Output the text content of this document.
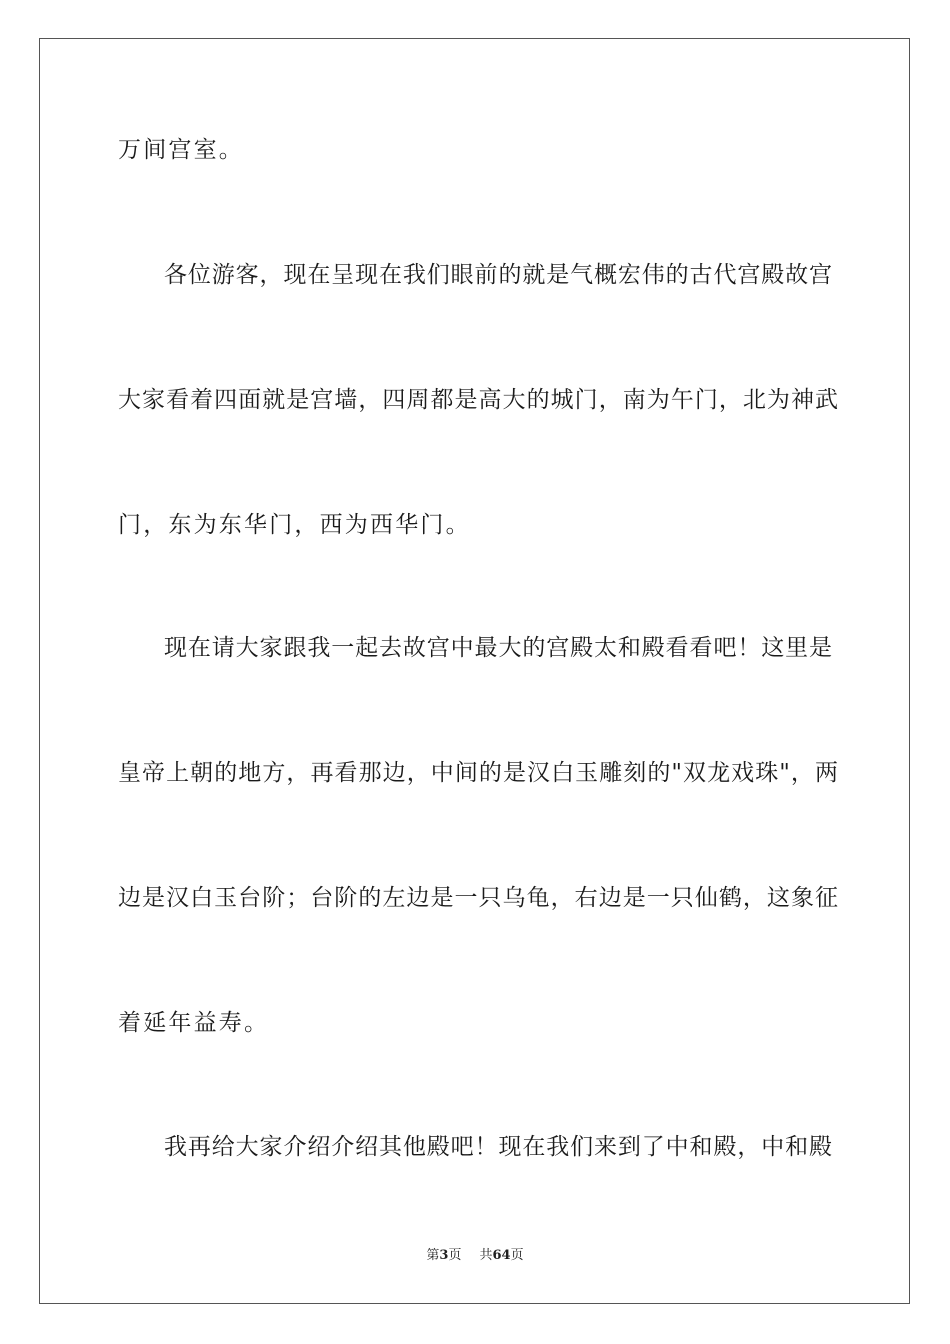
万间宫室。
各位游客，现在呈现在我们眼前的就是气概宏伟的古代宫殿故宫
大家看着四面就是宫墙，四周都是高大的城门，南为午门，北为神武
门，东为东华门，西为西华门。
现在请大家跟我一起去故宫中最大的宫殿太和殿看看吧！这里是
皇帝上朝的地方，再看那边，中间的是汉白玉雕刻的"双龙戏珠"，两
边是汉白玉台阶；台阶的左边是一只乌龟，右边是一只仙鹤，这象征
着延年益寿。
我再给大家介绍介绍其他殿吧！现在我们来到了中和殿，中和殿
第3页 共64页
